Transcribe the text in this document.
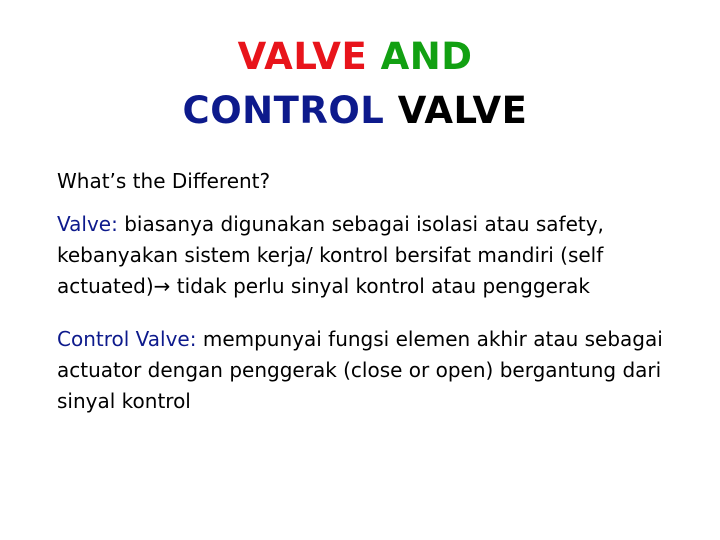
VALVE AND
CONTROL VALVE

What’s the Different?

Valve: biasanya digunakan sebagai isolasi atau safety, kebanyakan sistem kerja/ kontrol bersifat mandiri (self actuated)→ tidak perlu sinyal kontrol atau penggerak

Control Valve: mempunyai fungsi elemen akhir atau sebagai actuator dengan penggerak (close or open) bergantung dari sinyal kontrol
